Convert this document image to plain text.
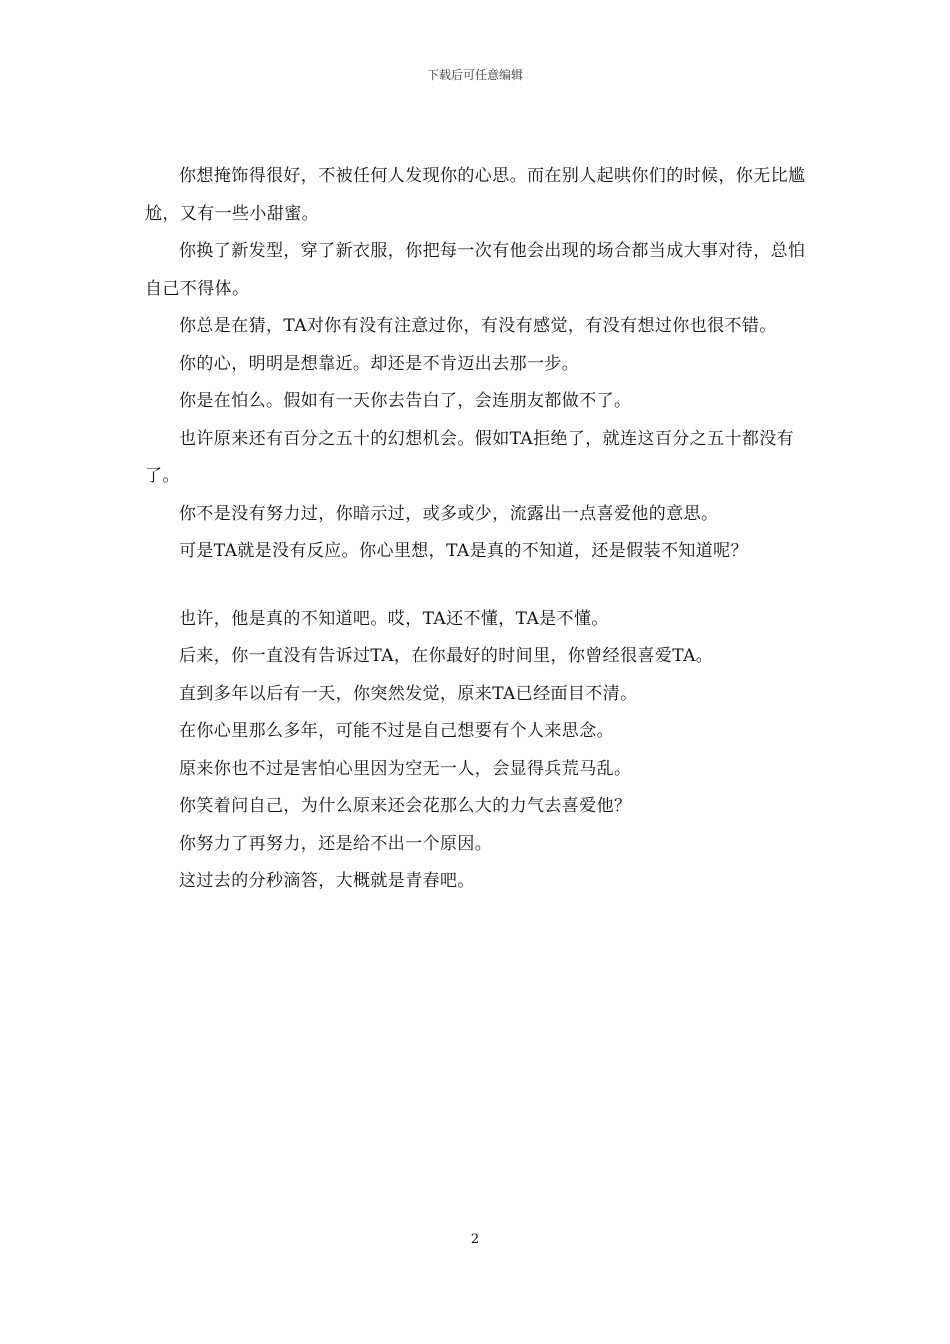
下载后可任意编辑

你想掩饰得很好，不被任何人发现你的心思。而在别人起哄你们的时候，你无比尴尬，又有一些小甜蜜。

你换了新发型，穿了新衣服，你把每一次有他会出现的场合都当成大事对待，总怕自己不得体。

你总是在猜，TA对你有没有注意过你，有没有感觉，有没有想过你也很不错。

你的心，明明是想靠近。却还是不肯迈出去那一步。

你是在怕么。假如有一天你去告白了，会连朋友都做不了。

也许原来还有百分之五十的幻想机会。假如TA拒绝了，就连这百分之五十都没有了。

你不是没有努力过，你暗示过，或多或少，流露出一点喜爱他的意思。

可是TA就是没有反应。你心里想，TA是真的不知道，还是假装不知道呢？

也许，他是真的不知道吧。哎，TA还不懂，TA是不懂。

后来，你一直没有告诉过TA，在你最好的时间里，你曾经很喜爱TA。

直到多年以后有一天，你突然发觉，原来TA已经面目不清。

在你心里那么多年，可能不过是自己想要有个人来思念。

原来你也不过是害怕心里因为空无一人，会显得兵荒马乱。

你笑着问自己，为什么原来还会花那么大的力气去喜爱他？

你努力了再努力，还是给不出一个原因。

这过去的分秒滴答，大概就是青春吧。

2
